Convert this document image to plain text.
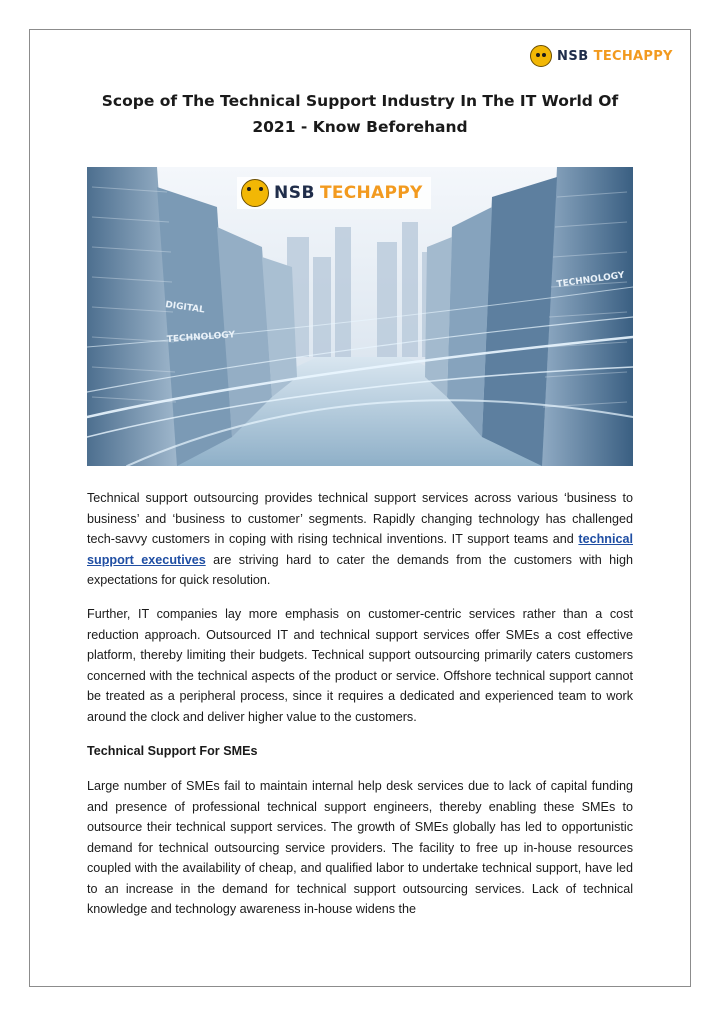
NSB TECHAPPY
Scope of The Technical Support Industry In The IT World Of 2021 - Know Beforehand
DIGITAL
TECHNOLOGY
TECHNOLOGY
NSB TECHAPPY

Technical support outsourcing provides technical support services across various ‘business to business’ and ‘business to customer’ segments. Rapidly changing technology has challenged tech-savvy customers in coping with rising technical inventions. IT support teams and technical support executives are striving hard to cater the demands from the customers with high expectations for quick resolution.

Further, IT companies lay more emphasis on customer-centric services rather than a cost reduction approach. Outsourced IT and technical support services offer SMEs a cost effective platform, thereby limiting their budgets. Technical support outsourcing primarily caters customers concerned with the technical aspects of the product or service. Offshore technical support cannot be treated as a peripheral process, since it requires a dedicated and experienced team to work around the clock and deliver higher value to the customers.

Technical Support For SMEs

Large number of SMEs fail to maintain internal help desk services due to lack of capital funding and presence of professional technical support engineers, thereby enabling these SMEs to outsource their technical support services. The growth of SMEs globally has led to opportunistic demand for technical outsourcing service providers. The facility to free up in-house resources coupled with the availability of cheap, and qualified labor to undertake technical support, have led to an increase in the demand for technical support outsourcing services. Lack of technical knowledge and technology awareness in-house widens the
